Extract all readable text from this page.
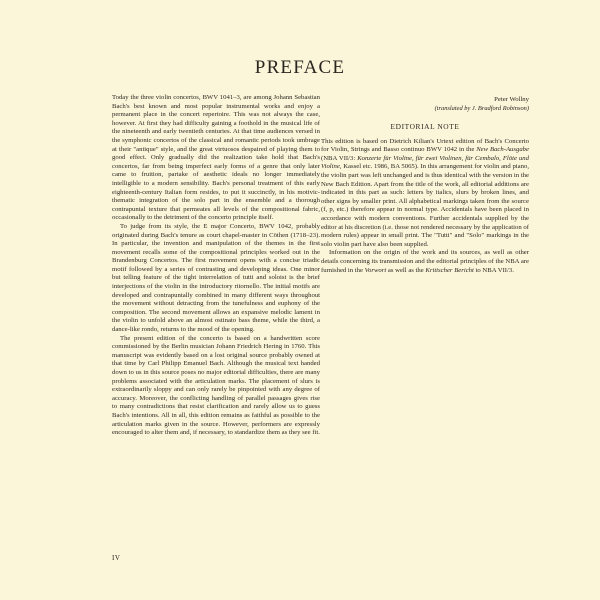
PREFACE

Today the three violin concertos, BWV 1041–3, are among Johann Sebastian Bach's best known and most popular instrumental works and enjoy a permanent place in the concert repertoire. This was not always the case, however. At first they had difficulty gaining a foothold in the musical life of the nineteenth and early twentieth centuries. At that time audiences versed in the symphonic concertos of the classical and romantic periods took umbrage at their "antique" style, and the great virtuosos despaired of playing them to good effect. Only gradually did the realization take hold that Bach's concertos, far from being imperfect early forms of a genre that only later came to fruition, partake of aesthetic ideals no longer immediately intelligible to a modern sensibility. Bach's personal treatment of this early eighteenth-century Italian form resides, to put it succinctly, in his motivic-thematic integration of the solo part in the ensemble and a thorough contrapuntal texture that permeates all levels of the compositional fabric, occasionally to the detriment of the concerto principle itself.

To judge from its style, the E major Concerto, BWV 1042, probably originated during Bach's tenure as court chapel-master in Cöthen (1718–23). In particular, the invention and manipulation of the themes in the first movement recalls some of the compositional principles worked out in the Brandenburg Concertos. The first movement opens with a concise triadic motif followed by a series of contrasting and developing ideas. One minor but telling feature of the tight interrelation of tutti and soloist is the brief interjections of the violin in the introductory ritornello. The initial motifs are developed and contrapuntally combined in many different ways throughout the movement without detracting from the tunefulness and euphony of the composition. The second movement allows an expansive melodic lament in the violin to unfold above an almost ostinato bass theme, while the third, a dance-like rondo, returns to the mood of the opening.

The present edition of the concerto is based on a handwritten score commissioned by the Berlin musician Johann Friedrich Hering in 1760. This manuscript was evidently based on a lost original source probably owned at that time by Carl Philipp Emanuel Bach. Although the musical text handed down to us in this source poses no major editorial difficulties, there are many problems associated with the articulation marks. The placement of slurs is extraordinarily sloppy and can only rarely be pinpointed with any degree of accuracy. Moreover, the conflicting handling of parallel passages gives rise to many contradictions that resist clarification and rarely allow us to guess Bach's intentions. All in all, this edition remains as faithful as possible to the articulation marks given in the source. However, performers are expressly encouraged to alter them and, if necessary, to standardize them as they see fit.

Peter Wollny
(translated by J. Bradford Robinson)
EDITORIAL NOTE

This edition is based on Dietrich Kilian's Urtext edition of Bach's Concerto for Violin, Strings and Basso continuo BWV 1042 in the New Bach-Ausgabe (NBA VII/3: Konzerte für Violine, für zwei Violinen, für Cembalo, Flöte und Violine, Kassel etc. 1986, BA 5065). In this arrangement for violin and piano, the violin part was left unchanged and is thus identical with the version in the New Bach Edition. Apart from the title of the work, all editorial additions are indicated in this part as such: letters by italics, slurs by broken lines, and other signs by smaller print. All alphabetical markings taken from the source (f, p, etc.) therefore appear in normal type. Accidentals have been placed in accordance with modern conventions. Further accidentals supplied by the editor at his discretion (i.e. those not rendered necessary by the application of modern rules) appear in small print. The "Tutti" and "Solo" markings in the solo violin part have also been supplied.

Information on the origin of the work and its sources, as well as other details concerning its transmission and the editorial principles of the NBA are furnished in the Vorwort as well as the Kritischer Bericht to NBA VII/3.

IV
